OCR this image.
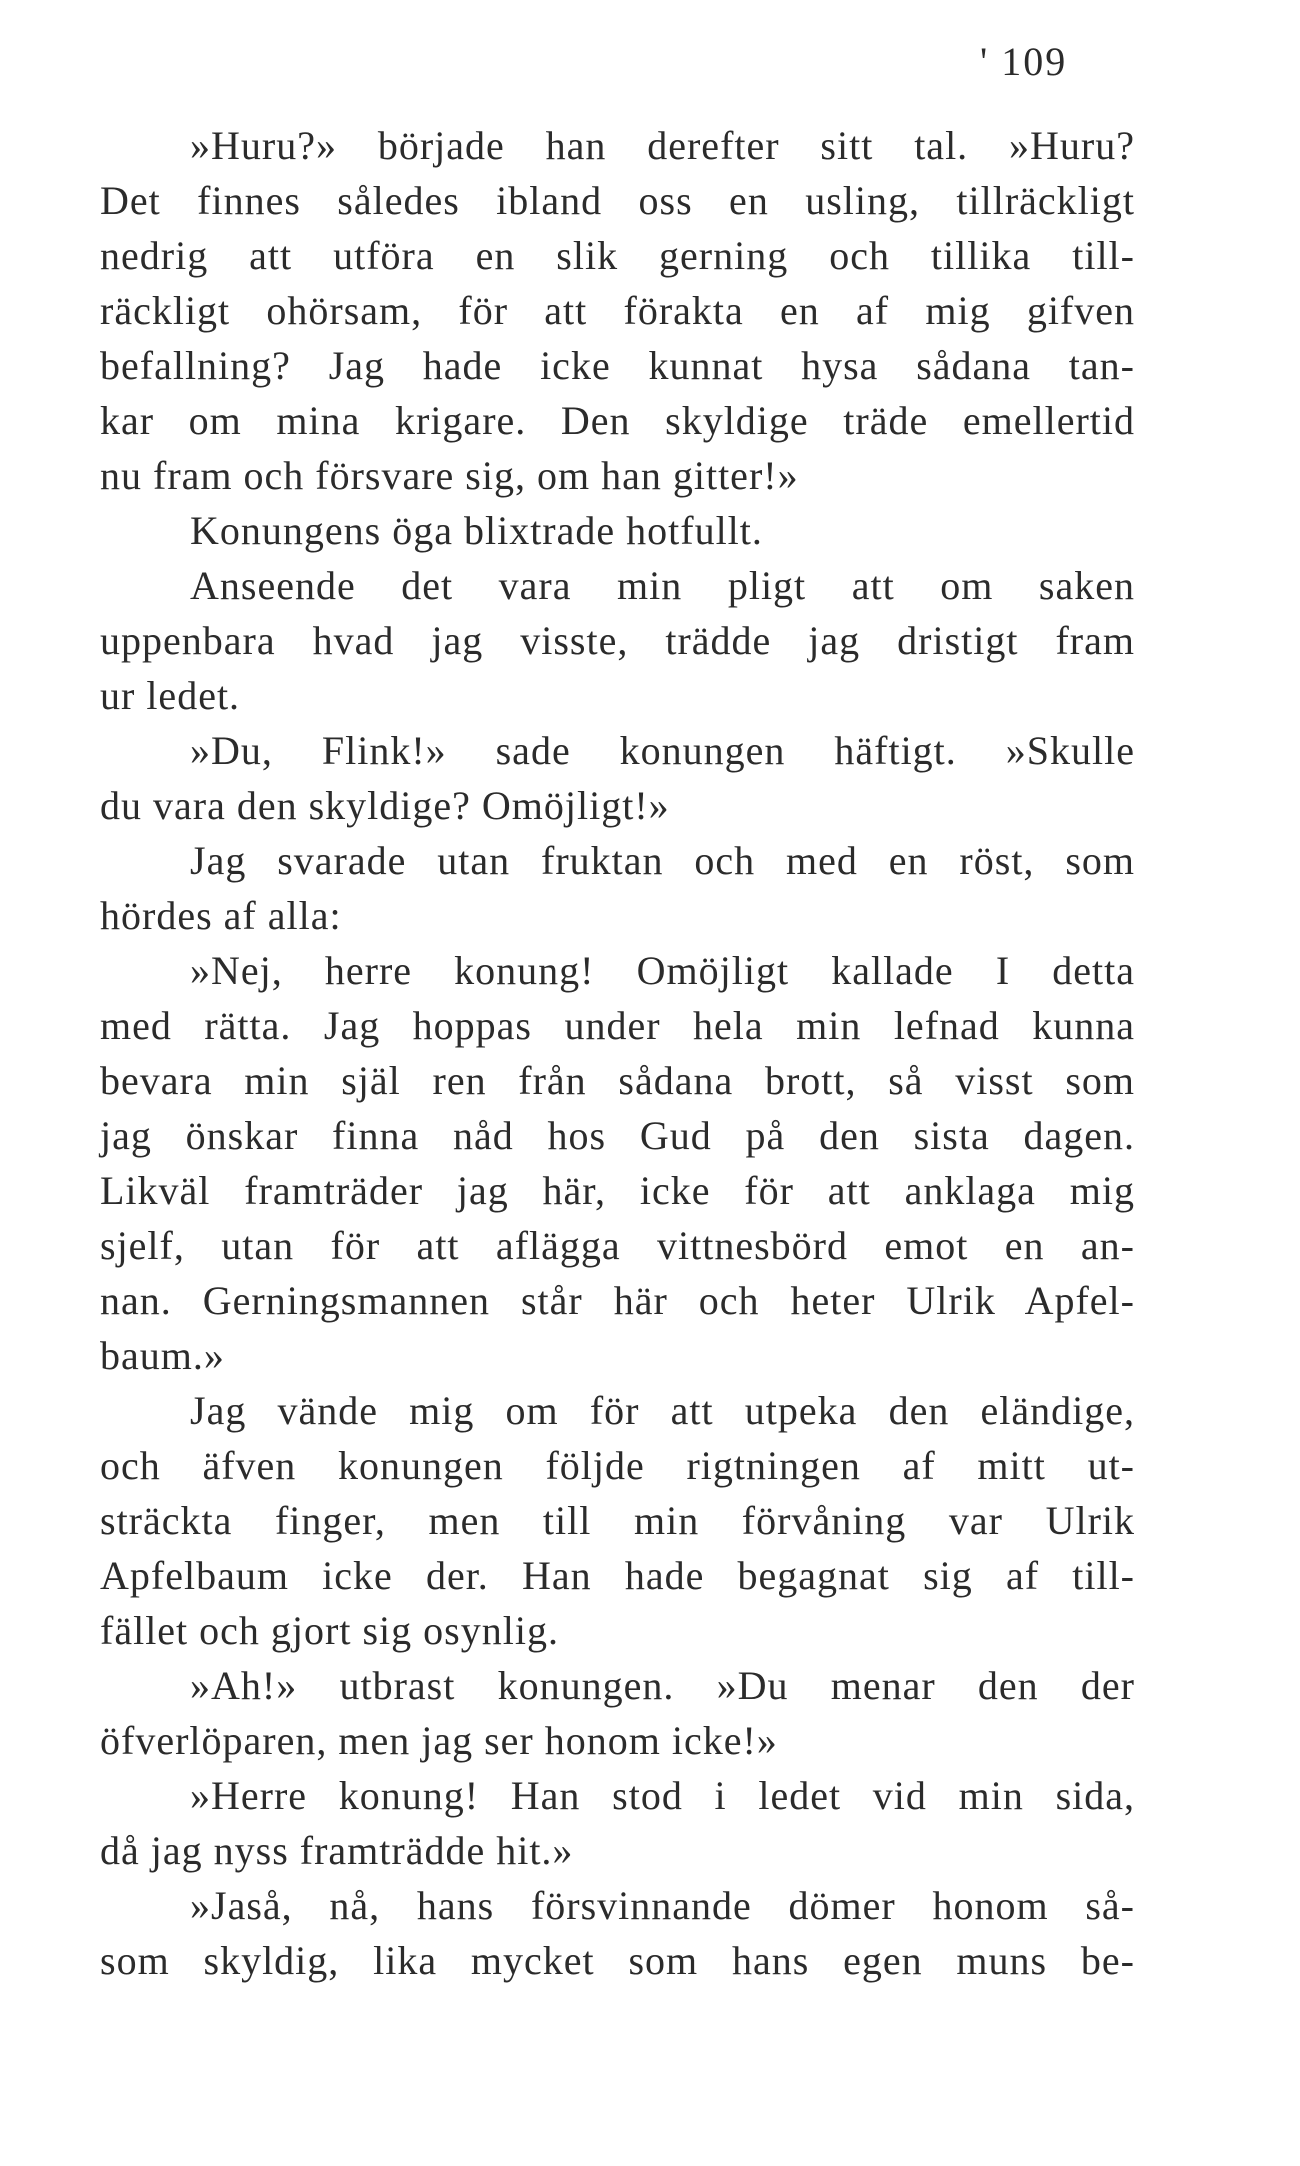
' 109
»Huru?» började han derefter sitt tal. »Huru?
Det finnes således ibland oss en usling, tillräckligt
nedrig att utföra en slik gerning och tillika till-
räckligt ohörsam, för att förakta en af mig gifven
befallning? Jag hade icke kunnat hysa sådana tan-
kar om mina krigare. Den skyldige träde emellertid
nu fram och försvare sig, om han gitter!»
Konungens öga blixtrade hotfullt.
Anseende det vara min pligt att om saken
uppenbara hvad jag visste, trädde jag dristigt fram
ur ledet.
»Du, Flink!» sade konungen häftigt. »Skulle
du vara den skyldige? Omöjligt!»
Jag svarade utan fruktan och med en röst, som
hördes af alla:
»Nej, herre konung! Omöjligt kallade I detta
med rätta. Jag hoppas under hela min lefnad kunna
bevara min själ ren från sådana brott, så visst som
jag önskar finna nåd hos Gud på den sista dagen.
Likväl framträder jag här, icke för att anklaga mig
sjelf, utan för att aflägga vittnesbörd emot en an-
nan. Gerningsmannen står här och heter Ulrik Apfel-
baum.»
Jag vände mig om för att utpeka den eländige,
och äfven konungen följde rigtningen af mitt ut-
sträckta finger, men till min förvåning var Ulrik
Apfelbaum icke der. Han hade begagnat sig af till-
fället och gjort sig osynlig.
»Ah!» utbrast konungen. »Du menar den der
öfverlöparen, men jag ser honom icke!»
»Herre konung! Han stod i ledet vid min sida,
då jag nyss framträdde hit.»
»Jaså, nå, hans försvinnande dömer honom så-
som skyldig, lika mycket som hans egen muns be-
